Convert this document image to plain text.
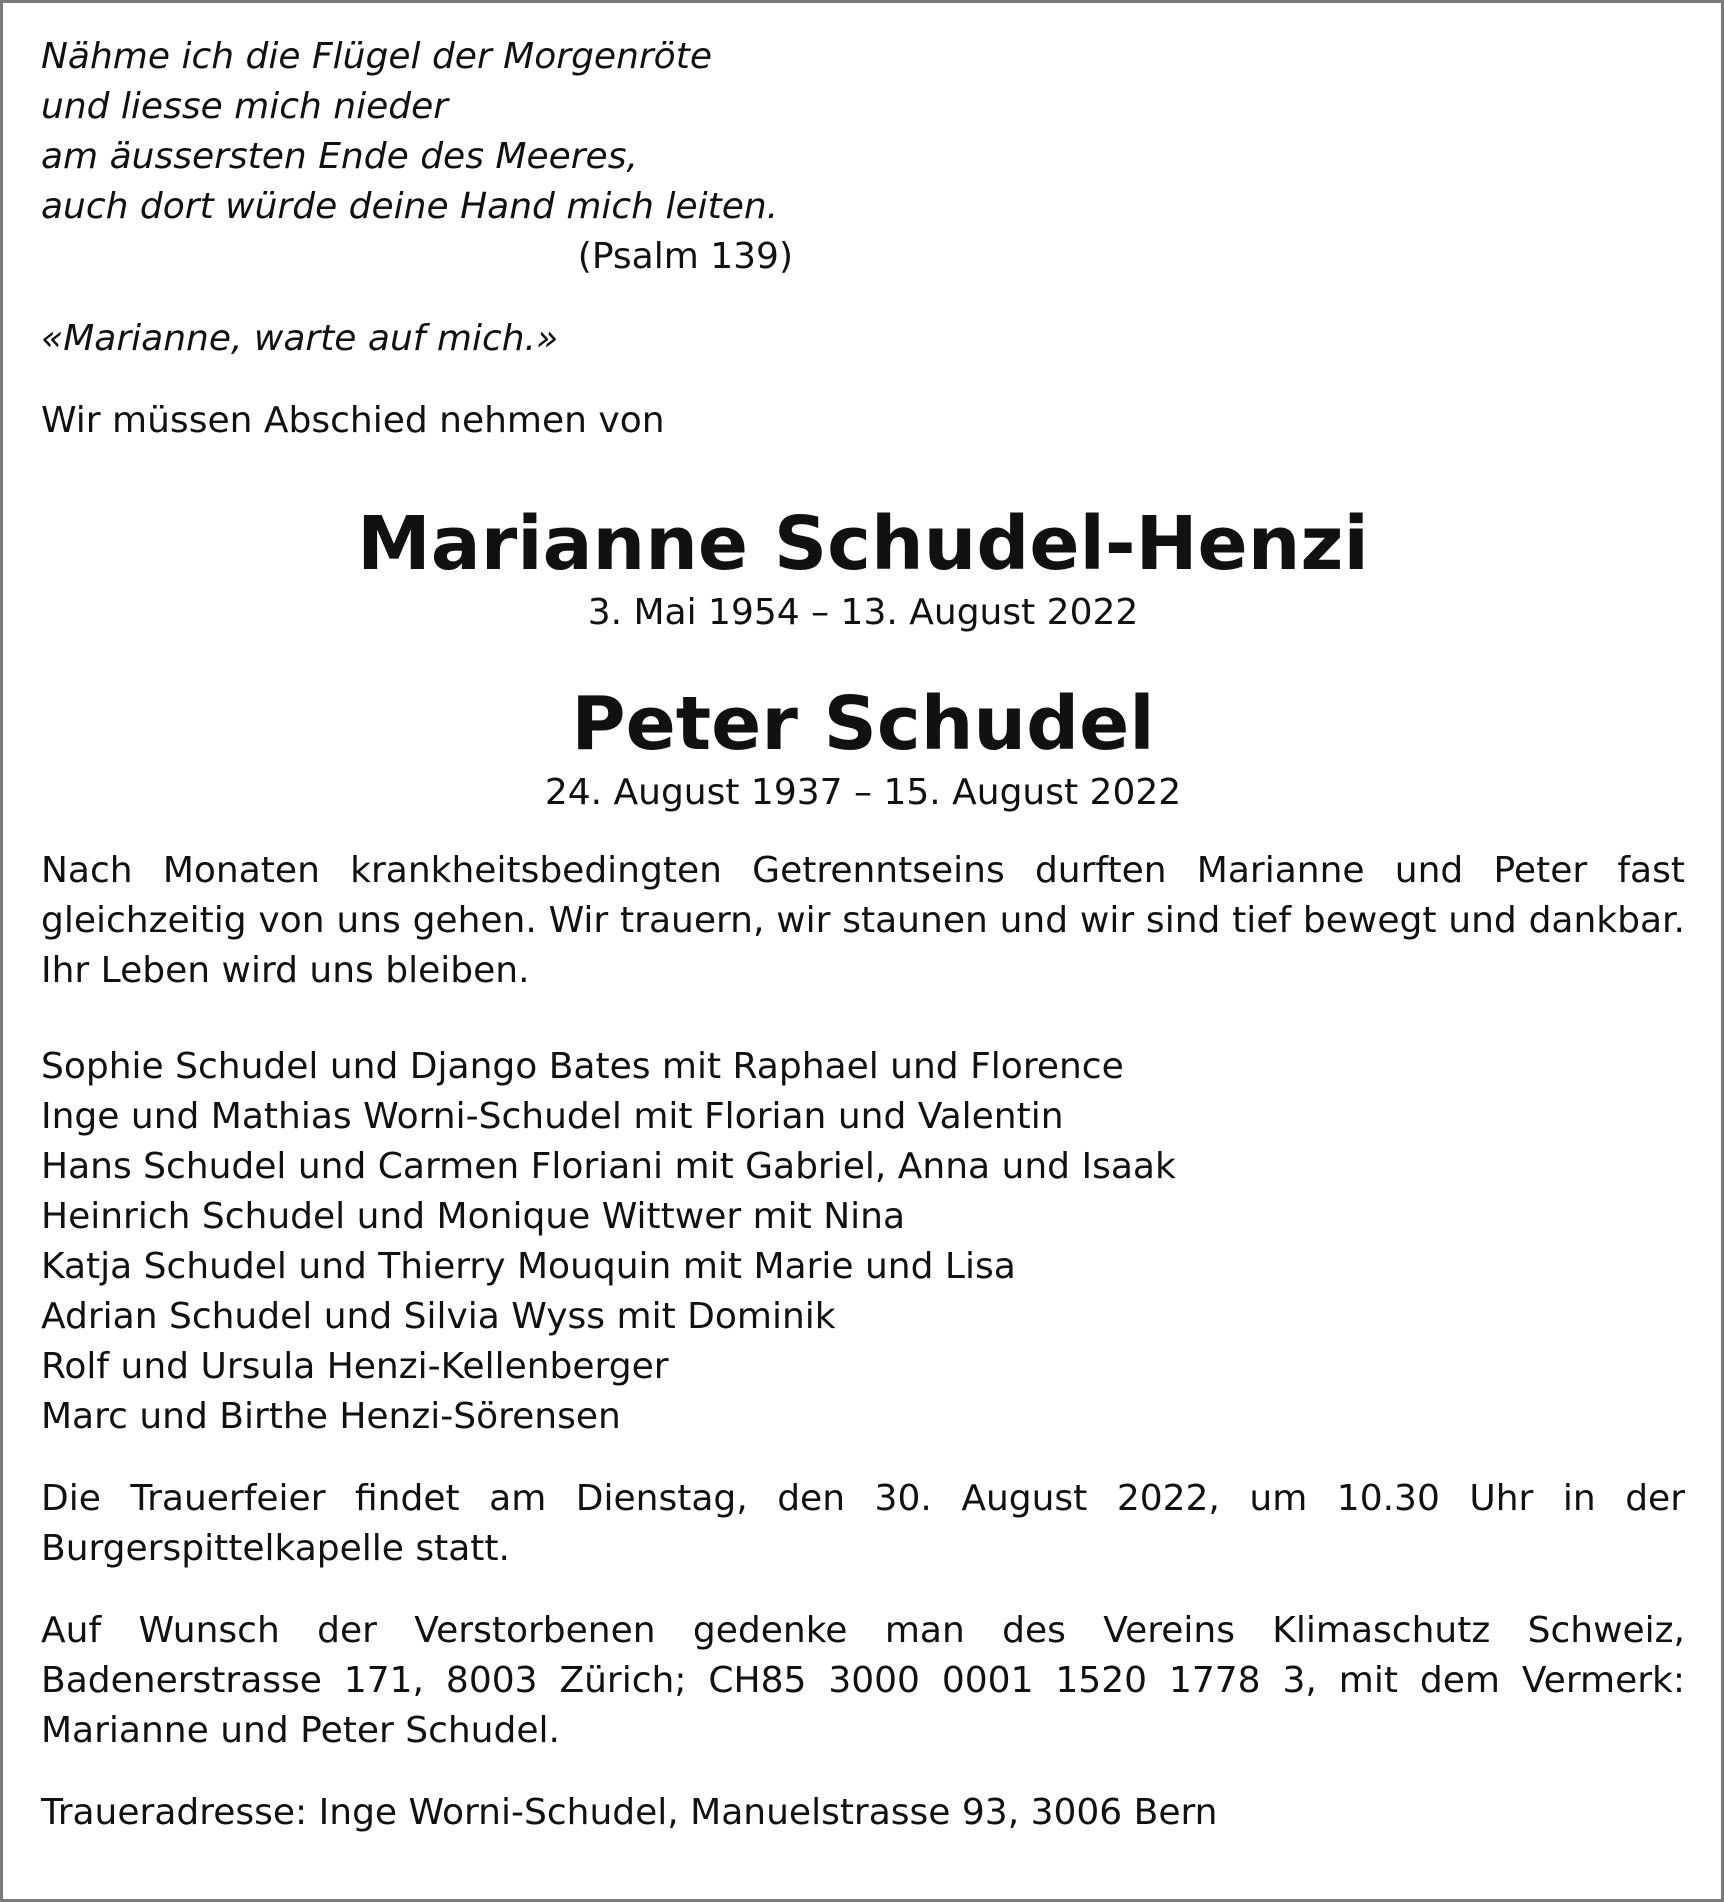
Nähme ich die Flügel der Morgenröte
und liesse mich nieder
am äussersten Ende des Meeres,
auch dort würde deine Hand mich leiten.
(Psalm 139)

«Marianne, warte auf mich.»

Wir müssen Abschied nehmen von

Marianne Schudel-Henzi

3. Mai 1954 – 13. August 2022

Peter Schudel

24. August 1937 – 15. August 2022

Nach Monaten krankheitsbedingten Getrenntseins durften Marianne und Peter fast gleichzeitig von uns gehen. Wir trauern, wir staunen und wir sind tief bewegt und dankbar. Ihr Leben wird uns bleiben.

Sophie Schudel und Django Bates mit Raphael und Florence
Inge und Mathias Worni-Schudel mit Florian und Valentin
Hans Schudel und Carmen Floriani mit Gabriel, Anna und Isaak
Heinrich Schudel und Monique Wittwer mit Nina
Katja Schudel und Thierry Mouquin mit Marie und Lisa
Adrian Schudel und Silvia Wyss mit Dominik
Rolf und Ursula Henzi-Kellenberger
Marc und Birthe Henzi-Sörensen

Die Trauerfeier findet am Dienstag, den 30. August 2022, um 10.30 Uhr in der Burgerspittelkapelle statt.

Auf Wunsch der Verstorbenen gedenke man des Vereins Klimaschutz Schweiz, Badenerstrasse 171, 8003 Zürich; CH85 3000 0001 1520 1778 3, mit dem Vermerk: Marianne und Peter Schudel.

Traueradresse: Inge Worni-Schudel, Manuelstrasse 93, 3006 Bern
